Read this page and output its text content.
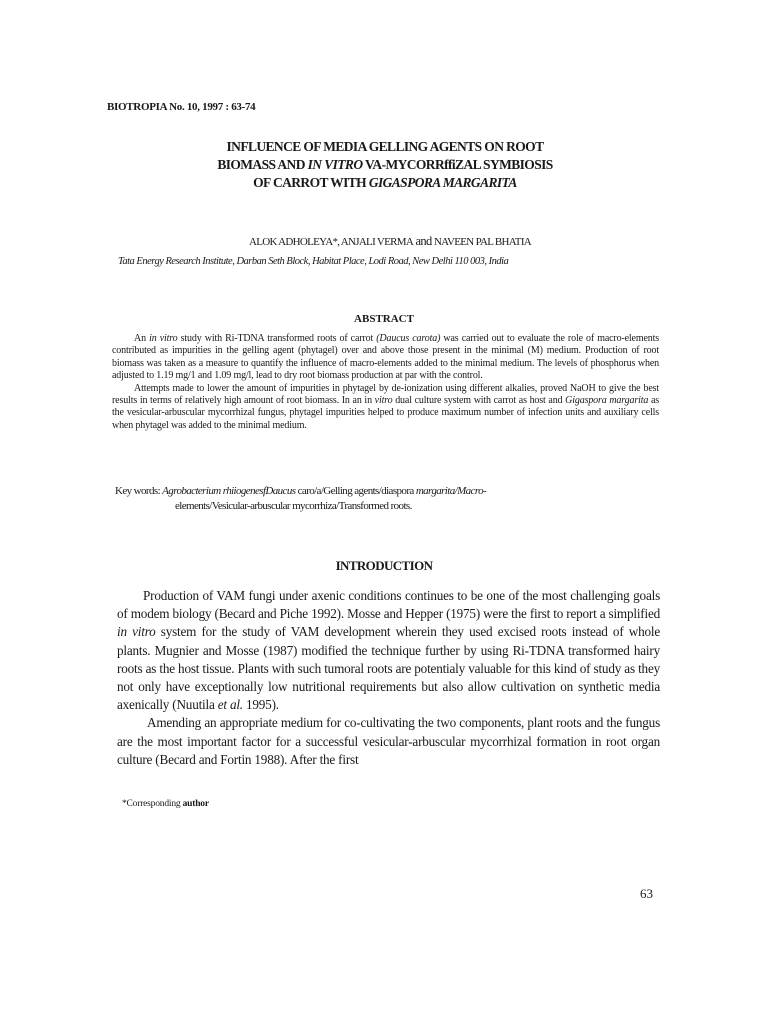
BIOTROPIA No. 10, 1997 : 63-74
INFLUENCE OF MEDIA GELLING AGENTS ON ROOT
BIOMASS AND IN VITRO VA-MYCORRffiZAL SYMBIOSIS
OF CARROT WITH GIGASPORA MARGARITA
ALOK ADHOLEYA*, ANJALI VERMA and NAVEEN PAL BHATIA
Tata Energy Research Institute, Darban Seth Block, Habitat Place, Lodi Road, New Delhi 110 003, India
ABSTRACT

An in vitro study with Ri-TDNA transformed roots of carrot (Daucus carota) was carried out to evaluate the role of macro-elements contributed as impurities in the gelling agent (phytagel) over and above those present in the minimal (M) medium. Production of root biomass was taken as a measure to quantify the influence of macro-elements added to the minimal medium. The levels of phosphorus when adjusted to 1.19 mg/1 and 1.09 mg/l, lead to dry root biomass production at par with the control.

Attempts made to lower the amount of impurities in phytagel by de-ionization using different alkalies, proved NaOH to give the best results in terms of relatively high amount of root biomass. In an in vitro dual culture system with carrot as host and Gigaspora margarita as the vesicular-arbuscular mycorrhizal fungus, phytagel impurities helped to produce maximum number of infection units and auxiliary cells when phytagel was added to the minimal medium.

Key words: Agrobacterium rhiiogenesfDaucus caro/a/Gelling agents/diaspora margarita/Macro-
elements/Vesicular-arbuscular mycorrhiza/Transformed roots.
INTRODUCTION

Production of VAM fungi under axenic conditions continues to be one of the most challenging goals of modem biology (Becard and Piche 1992). Mosse and Hepper (1975) were the first to report a simplified in vitro system for the study of VAM development wherein they used excised roots instead of whole plants. Mugnier and Mosse (1987) modified the technique further by using Ri-TDNA transformed hairy roots as the host tissue. Plants with such tumoral roots are potentialy valuable for this kind of study as they not only have exceptionally low nutritional requirements but also allow cultivation on synthetic media axenically (Nuutila et al. 1995).

Amending an appropriate medium for co-cultivating the two components, plant roots and the fungus are the most important factor for a successful vesicular-arbuscular mycorrhizal formation in root organ culture (Becard and Fortin 1988). After the first

*Corresponding author
63
